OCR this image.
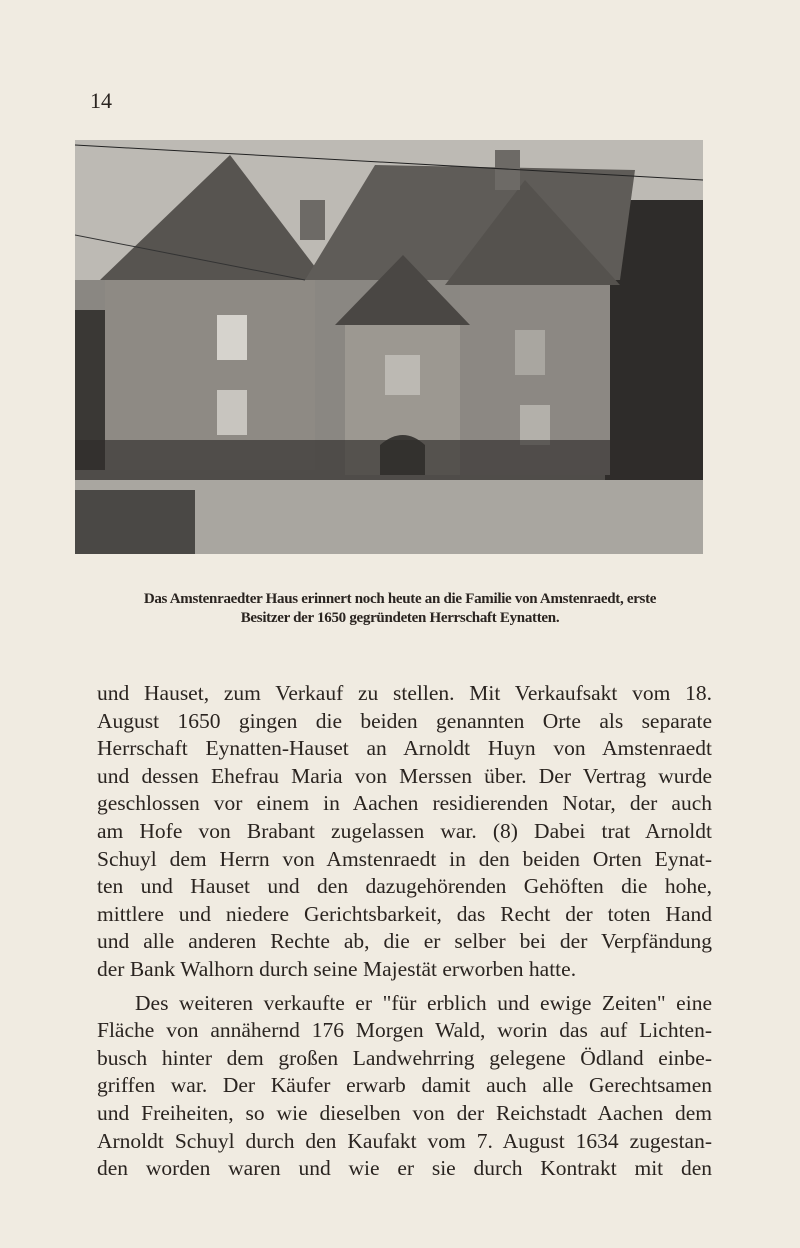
14
Das Amstenraedter Haus erinnert noch heute an die Familie von Amstenraedt, erste
Besitzer der 1650 gegründeten Herrschaft Eynatten.

und Hauset, zum Verkauf zu stellen. Mit Verkaufsakt vom 18.
August 1650 gingen die beiden genannten Orte als separate
Herrschaft Eynatten-Hauset an Arnoldt Huyn von Amstenraedt
und dessen Ehefrau Maria von Merssen über. Der Vertrag wurde
geschlossen vor einem in Aachen residierenden Notar, der auch
am Hofe von Brabant zugelassen war. (8) Dabei trat Arnoldt
Schuyl dem Herrn von Amstenraedt in den beiden Orten Eynat-
ten und Hauset und den dazugehörenden Gehöften die hohe,
mittlere und niedere Gerichtsbarkeit, das Recht der toten Hand
und alle anderen Rechte ab, die er selber bei der Verpfändung
der Bank Walhorn durch seine Majestät erworben hatte.

Des weiteren verkaufte er "für erblich und ewige Zeiten" eine
Fläche von annähernd 176 Morgen Wald, worin das auf Lichten-
busch hinter dem großen Landwehrring gelegene Ödland einbe-
griffen war. Der Käufer erwarb damit auch alle Gerechtsamen
und Freiheiten, so wie dieselben von der Reichstadt Aachen dem
Arnoldt Schuyl durch den Kaufakt vom 7. August 1634 zugestan-
den worden waren und wie er sie durch Kontrakt mit den
